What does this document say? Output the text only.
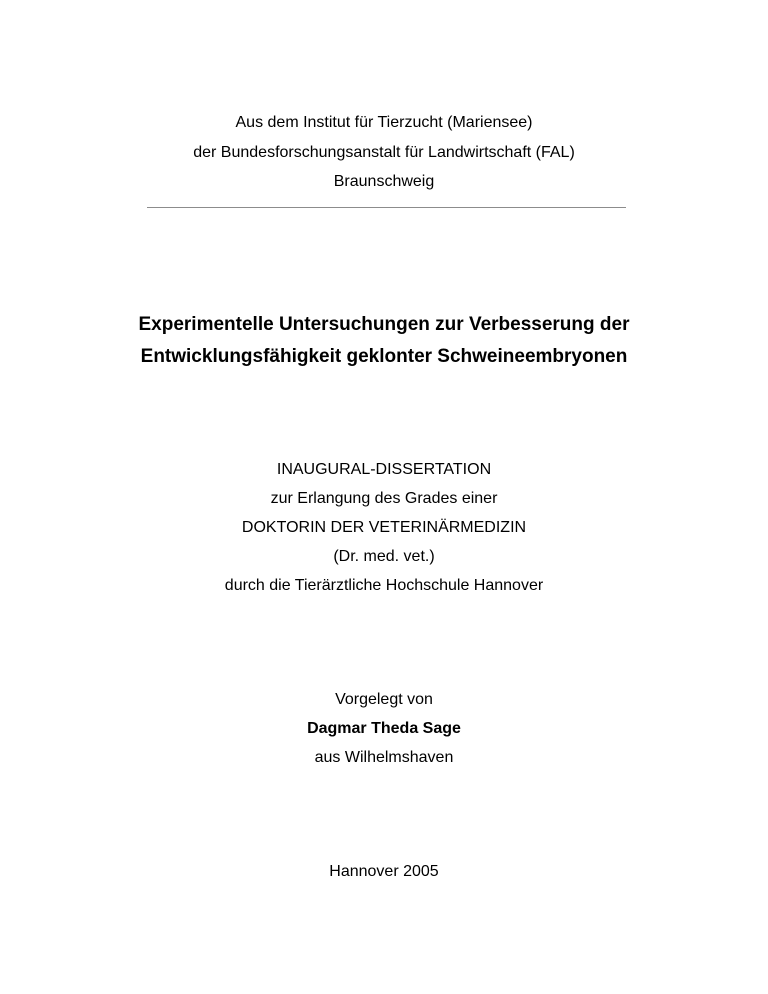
Aus dem Institut für Tierzucht (Mariensee)
der Bundesforschungsanstalt für Landwirtschaft (FAL)
Braunschweig
Experimentelle Untersuchungen zur Verbesserung der
Entwicklungsfähigkeit geklonter Schweineembryonen
INAUGURAL-DISSERTATION
zur Erlangung des Grades einer
DOKTORIN DER VETERINÄRMEDIZIN
(Dr. med. vet.)
durch die Tierärztliche Hochschule Hannover
Vorgelegt von
Dagmar Theda Sage
aus Wilhelmshaven
Hannover 2005
